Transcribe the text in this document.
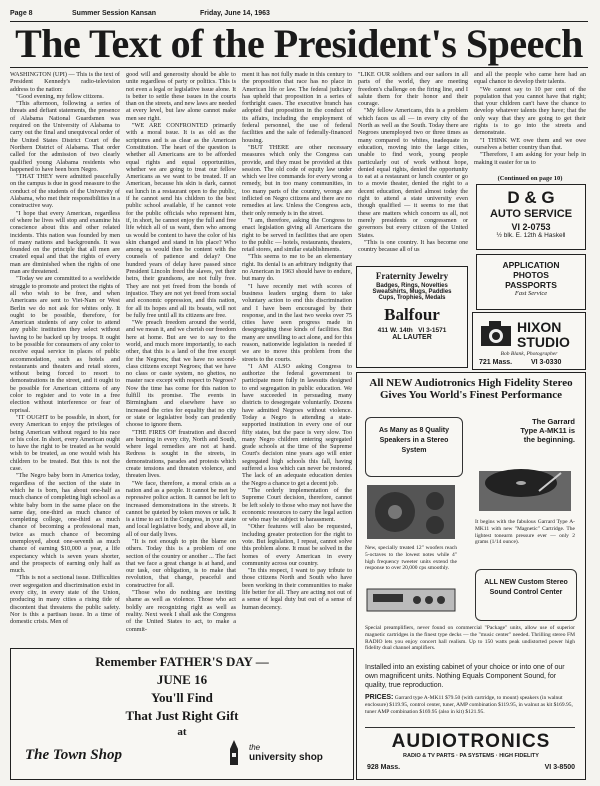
Page 8	Summer Session Kansan	Friday, June 14, 1963
The Text of the President's Speech

WASHINGTON (UPI) — This is the text of President Kennedy's radio-television address to the nation:

"Good evening, my fellow citizens.

"This afternoon, following a series of threats and defiant statements, the presence of Alabama National Guardsmen was required on the University of Alabama to carry out the final and unequivocal order of the United States District Court of the Northern District of Alabama. That order called for the admission of two clearly qualified young Alabama residents who happened to have been born Negro.

"THAT THEY were admitted peacefully on the campus is due in good measure to the conduct of the students of the University of Alabama, who met their responsibilities in a constructive way.

"I hope that every American, regardless of where he lives will stop and examine his conscience about this and other related incidents. This nation was founded by men of many nations and backgrounds. It was founded on the principle that all men are created equal and that the rights of every man are diminished when the rights of one man are threatened.

"Today we are committed to a worldwide struggle to promote and protect the rights of all who wish to be free, and when Americans are sent to Viet-Nam or West Berlin we do not ask for whites only. It ought to be possible, therefore, for American students of any color to attend any public institution they select without having to be backed up by troops. It ought to be possible for consumers of any color to receive equal service in places of public accommodation, such as hotels and restaurants and theaters and retail stores, without being forced to resort to demonstrations in the street, and it ought to be possible for American citizens of any color to register and to vote in a free election without interference or fear of reprisal.

"IT OUGHT to be possible, in short, for every American to enjoy the privileges of being American without regard to his race or his color. In short, every American ought to have the right to be treated as he would wish to be treated, as one would wish his children to be treated. But this is not the case.

"The Negro baby born in America today, regardless of the section of the state in which he is born, has about one-half as much chance of completing high school as a white baby born in the same place on the same day, one-third as much chance of completing college, one-third as much chance of becoming a professional man, twice as much chance of becoming unemployed, about one-seventh as much chance of earning $10,000 a year, a life expectancy which is seven years shorter, and the prospects of earning only half as much.

"This is not a sectional issue. Difficulties over segregation and discrimination exist in every city, in every state of the Union, producing in many cities a rising tide of discontent that threatens the public safety. Nor is this a partisan issue. In a time of domestic crisis. Men of

good will and generosity should be able to unite regardless of party or politics. This is not even a legal or legislative issue alone. It is better to settle these issues in the courts than on the streets, and new laws are needed at every level, but law alone cannot make men see right.

"WE ARE CONFRONTED primarily with a moral issue. It is as old as the scriptures and is as clear as the American Constitution. The heart of the question is whether all Americans are to be afforded equal rights and equal opportunities, whether we are going to treat our fellow Americans as we want to be treated. If an American, because his skin is dark, cannot eat lunch in a restaurant open to the public, if he cannot send his children to the best public school available, if he cannot vote for the public officials who represent him, if, in short, he cannot enjoy the full and free life which all of us want, then who among us would be content to have the color of his skin changed and stand in his place? Who among us would then be content with the counsels of patience and delay? One hundred years of delay have passed since President Lincoln freed the slaves, yet their heirs, their grandsons, are not fully free. They are not yet freed from the bonds of injustice. They are not yet freed from social and economic oppression, and this nation, for all its hopes and all its boasts, will not be fully free until all its citizens are free.

"We preach freedom around the world, and we mean it, and we cherish our freedom here at home. But are we to say to the world, and much more importantly, to each other, that this is a land of the free except for the Negroes; that we have no second-class citizens except Negroes; that we have no class or caste system, no ghettos, no master race except with respect to Negroes? Now the time has come for this nation to fulfill its promise. The events in Birmingham and elsewhere have so increased the cries for equality that no city or state or legislative body can prudently choose to ignore them.

"THE FIRES OF frustration and discord are burning in every city, North and South, where legal remedies are not at hand. Redress is sought in the streets, in demonstrations, parades and protests which create tensions and threaten violence, and threaten lives.

"We face, therefore, a moral crisis as a nation and as a people. It cannot be met by repressive police action. It cannot be left to increased demonstrations in the streets. It cannot be quieted by token moves or talk. It is a time to act in the Congress, in your state and local legislative body, and above all, in all of our daily lives.

"It is not enough to pin the blame on others. Today this is a problem of one section of the country or another ... The fact that we face a great change is at hand, and our task, our obligation, is to make that revolution, that change, peaceful and constructive for all.

"Those who do nothing are inviting shame as well as violence. Those who act boldly are recognizing right as well as reality. Next week I shall ask the Congress of the United States to act, to make a commit-

ment it has not fully made in this century to the proposition that race has no place in American life or law. The federal judiciary has upheld that proposition in a series of forthright cases. The executive branch has adopted that proposition in the conduct of its affairs, including the employment of federal personnel, the use of federal facilities and the sale of federally-financed housing.

"BUT THERE are other necessary measures which only the Congress can provide, and they must be provided at this session. The old code of equity law under which we live commands for every wrong a remedy, but in too many communities, in too many parts of the country, wrongs are inflicted on Negro citizens and there are no remedies at law. Unless the Congress acts, their only remedy is in the street.

"I am, therefore, asking the Congress to enact legislation giving all Americans the right to be served in facilities that are open to the public — hotels, restaurants, theaters, retail stores, and similar establishments.

"This seems to me to be an elementary right. Its denial is an arbitrary indignity that no American in 1963 should have to endure, but many do.

"I have recently met with scores of business leaders urging them to take voluntary action to end this discrimination and I have been encouraged by their response, and in the last two weeks over 75 cities have seen progress made in desegregating these kinds of facilities. But many are unwilling to act alone, and for this reason, nationwide legislation is needed if we are to move this problem from the streets to the courts.

"I AM ALSO asking Congress to authorize the federal government to participate more fully in lawsuits designed to end segregation in public education. We have succeeded in persuading many districts to desegregate voluntarily. Dozens have admitted Negroes without violence. Today a Negro is attending a state-supported institution in every one of our fifty states, but the pace is very slow. Too many Negro children entering segregated grade schools at the time of the Supreme Court's decision nine years ago will enter segregated high schools this fall, having suffered a loss which can never be restored. The lack of an adequate education denies the Negro a chance to get a decent job.

"The orderly implementation of the Supreme Court decision, therefore, cannot be left solely to those who may not have the economic resources to carry the legal action or who may be subject to harassment.

"Other features will also be requested, including greater protection for the right to vote. But legislation, I repeat, cannot solve this problem alone. It must be solved in the homes of every American in every community across our country.

"In this respect, I want to pay tribute to those citizens North and South who have been working in their communities to make life better for all. They are acting not out of a sense of legal duty but out of a sense of human decency.

"LIKE OUR soldiers and our sailors in all parts of the world, they are meeting freedom's challenge on the firing line, and I salute them for their honor and their courage.

"My fellow Americans, this is a problem which faces us all — in every city of the North as well as the South. Today there are Negroes unemployed two or three times as many compared to whites, inadequate in education, moving into the large cities, unable to find work, young people particularly out of work without hope, denied equal rights, denied the opportunity to eat at a restaurant or lunch counter or go to a movie theater, denied the right to a decent education, denied almost today the right to attend a state university even though qualified — it seems to me that these are matters which concern us all, not merely presidents or congressmen or governors but every citizen of the United States.

"This is one country. It has become one country because all of us

and all the people who came here had an equal chance to develop their talents.

"We cannot say to 10 per cent of the population that you cannot have that right; that your children can't have the chance to develop whatever talents they have; that the only way that they are going to get their rights is to go into the streets and demonstrate.

"I THINK WE owe them and we owe ourselves a better country than that.

"Therefore, I am asking for your help in making it easier for us to

(Continued on page 10)
D & G
AUTO SERVICE
VI 2-0753
½ blk. E. 12th & Haskell
APPLICATION
PHOTOS
PASSPORTS
Fast Service
Fraternity Jewelry
Badges, Rings, Novelties
Sweatshirts, Mugs, Paddles
Cups, Trophies, Medals
Balfour
411 W. 14th VI 3-1571
AL LAUTER
HIXON
STUDIO
Bob Blank, Photographer
721 Mass.	VI 3-0330
All NEW Audiotronics High Fidelity Stereo
Gives You World's Finest Performance
As Many as 8 Quality Speakers in a Stereo System
The Garrard
Type A-MK11 is
the beginning.
New, specially treated 12" woofers reach 5-octaves to the lowest notes while 4" high frequency tweeter units extend the response to over 20,000 cps smoothly.
It begins with the fabulous Garrard Type A-MK11 with new "Magnetic" Cartridge. The lightest tonearm pressure ever — only 2 grams (1/14 ounce).
ALL NEW Custom Stereo Sound Control Center
Special preamplifiers, never found on commercial "Package" units, allow use of superior magnetic cartridges in the finest type decks — the "music center" needed. Thrilling stereo FM RADIO lets you enjoy concert hall realism. Up to 150 watts peak undistorted power high fidelity dual channel amplifiers.
Installed into an existing cabinet of your choice or into one of our own magnificent units. Nothing Equals Component Sound, for quality, true reproduction.
PRICES: Garrard type A-MK11 $79.50 (with cartridge, to mount) speakers (in walnut enclosure) $119.95, control center, tuner, AMP combination $119.95, in walnut as kit $169.95, tuner AMP combination $169.95 (also in kit) $121.95.
AUDIOTRONICS
RADIO & TV PARTS · PA SYSTEMS · HIGH FIDELITY
928 Mass.	VI 3-8500
Remember FATHER'S DAY —
JUNE 16
You'll Find
That Just Right Gift
at
The Town Shop	the
university shop
